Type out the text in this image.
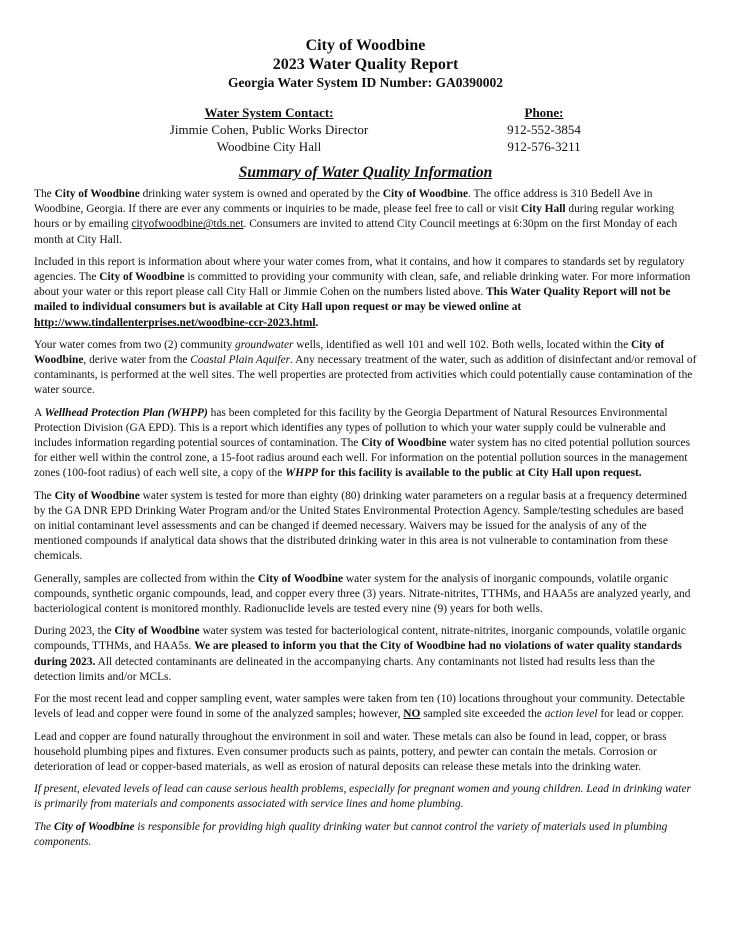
City of Woodbine
2023 Water Quality Report
Georgia Water System ID Number: GA0390002
Water System Contact:
Jimmie Cohen, Public Works Director
Woodbine City Hall
Phone:
912-552-3854
912-576-3211
Summary of Water Quality Information

The City of Woodbine drinking water system is owned and operated by the City of Woodbine. The office address is 310 Bedell Ave in Woodbine, Georgia. If there are ever any comments or inquiries to be made, please feel free to call or visit City Hall during regular working hours or by emailing cityofwoodbine@tds.net. Consumers are invited to attend City Council meetings at 6:30pm on the first Monday of each month at City Hall.

Included in this report is information about where your water comes from, what it contains, and how it compares to standards set by regulatory agencies. The City of Woodbine is committed to providing your community with clean, safe, and reliable drinking water. For more information about your water or this report please call City Hall or Jimmie Cohen on the numbers listed above. This Water Quality Report will not be mailed to individual consumers but is available at City Hall upon request or may be viewed online at http://www.tindallenterprises.net/woodbine-ccr-2023.html.

Your water comes from two (2) community groundwater wells, identified as well 101 and well 102. Both wells, located within the City of Woodbine, derive water from the Coastal Plain Aquifer. Any necessary treatment of the water, such as addition of disinfectant and/or removal of contaminants, is performed at the well sites. The well properties are protected from activities which could potentially cause contamination of the water source.

A Wellhead Protection Plan (WHPP) has been completed for this facility by the Georgia Department of Natural Resources Environmental Protection Division (GA EPD). This is a report which identifies any types of pollution to which your water supply could be vulnerable and includes information regarding potential sources of contamination. The City of Woodbine water system has no cited potential pollution sources for either well within the control zone, a 15-foot radius around each well. For information on the potential pollution sources in the management zones (100-foot radius) of each well site, a copy of the WHPP for this facility is available to the public at City Hall upon request.

The City of Woodbine water system is tested for more than eighty (80) drinking water parameters on a regular basis at a frequency determined by the GA DNR EPD Drinking Water Program and/or the United States Environmental Protection Agency. Sample/testing schedules are based on initial contaminant level assessments and can be changed if deemed necessary. Waivers may be issued for the analysis of any of the mentioned compounds if analytical data shows that the distributed drinking water in this area is not vulnerable to contamination from these chemicals.

Generally, samples are collected from within the City of Woodbine water system for the analysis of inorganic compounds, volatile organic compounds, synthetic organic compounds, lead, and copper every three (3) years. Nitrate-nitrites, TTHMs, and HAA5s are analyzed yearly, and bacteriological content is monitored monthly. Radionuclide levels are tested every nine (9) years for both wells.

During 2023, the City of Woodbine water system was tested for bacteriological content, nitrate-nitrites, inorganic compounds, volatile organic compounds, TTHMs, and HAA5s. We are pleased to inform you that the City of Woodbine had no violations of water quality standards during 2023. All detected contaminants are delineated in the accompanying charts. Any contaminants not listed had results less than the detection limits and/or MCLs.

For the most recent lead and copper sampling event, water samples were taken from ten (10) locations throughout your community. Detectable levels of lead and copper were found in some of the analyzed samples; however, NO sampled site exceeded the action level for lead or copper.

Lead and copper are found naturally throughout the environment in soil and water. These metals can also be found in lead, copper, or brass household plumbing pipes and fixtures. Even consumer products such as paints, pottery, and pewter can contain the metals. Corrosion or deterioration of lead or copper-based materials, as well as erosion of natural deposits can release these metals into the drinking water.

If present, elevated levels of lead can cause serious health problems, especially for pregnant women and young children. Lead in drinking water is primarily from materials and components associated with service lines and home plumbing.

The City of Woodbine is responsible for providing high quality drinking water but cannot control the variety of materials used in plumbing components.
